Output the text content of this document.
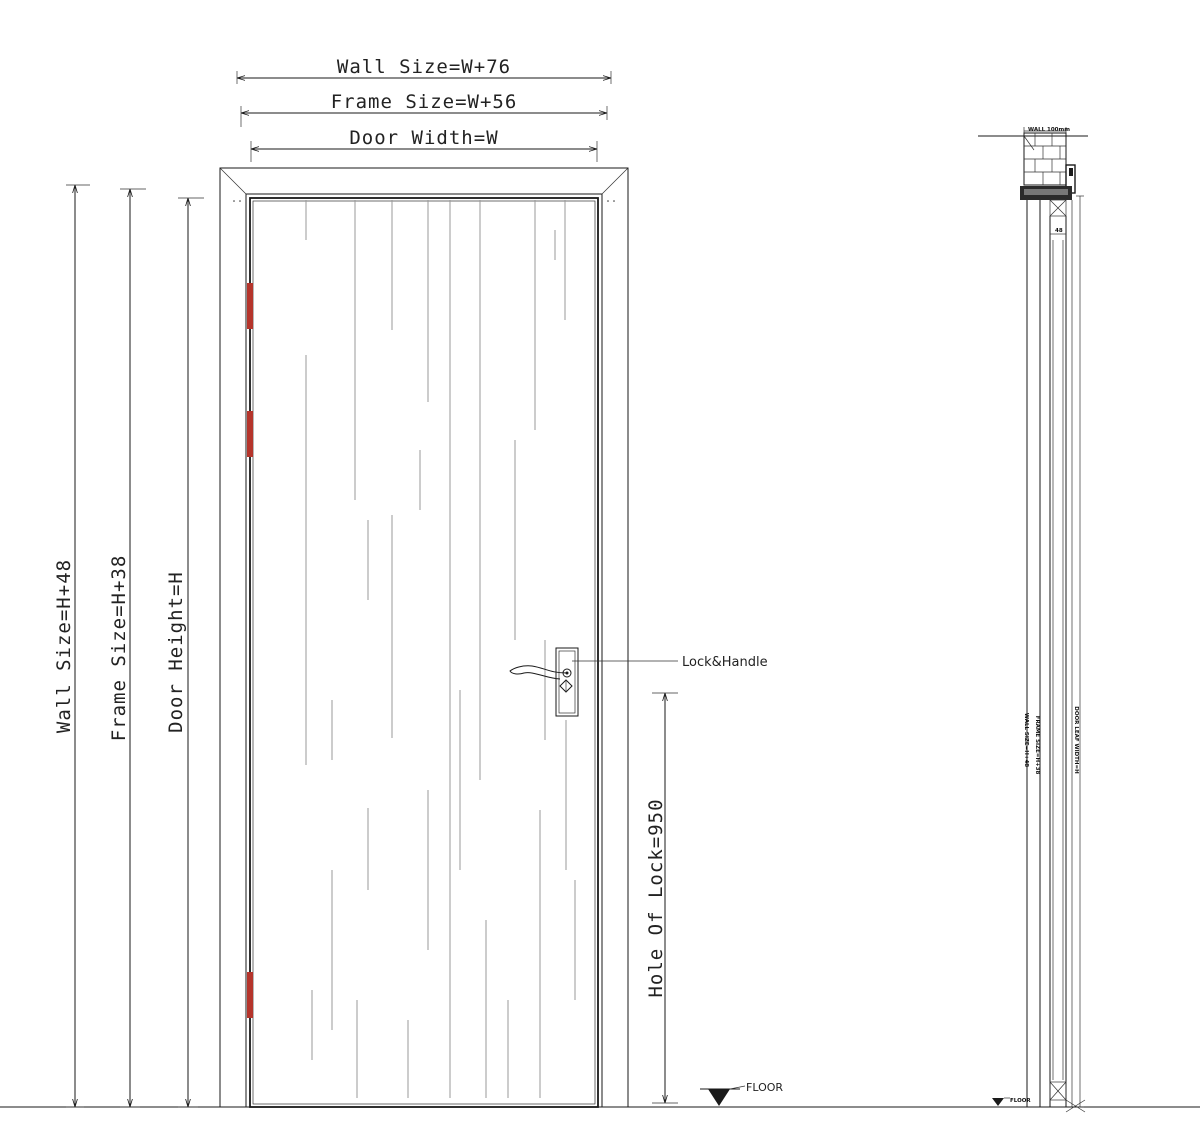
Wall Size=W+76
Frame Size=W+56
Door Width=W
Wall Size=H+48 Frame Size=H+38 Door Height=H	Lock&Handle
Hole Of Lock=950
FLOOR
WALL 100mm
48
WALL SIZE=H+48 FRAME SIZE=H+38	DOOR LEAF WIDTH=H
FLOOR
